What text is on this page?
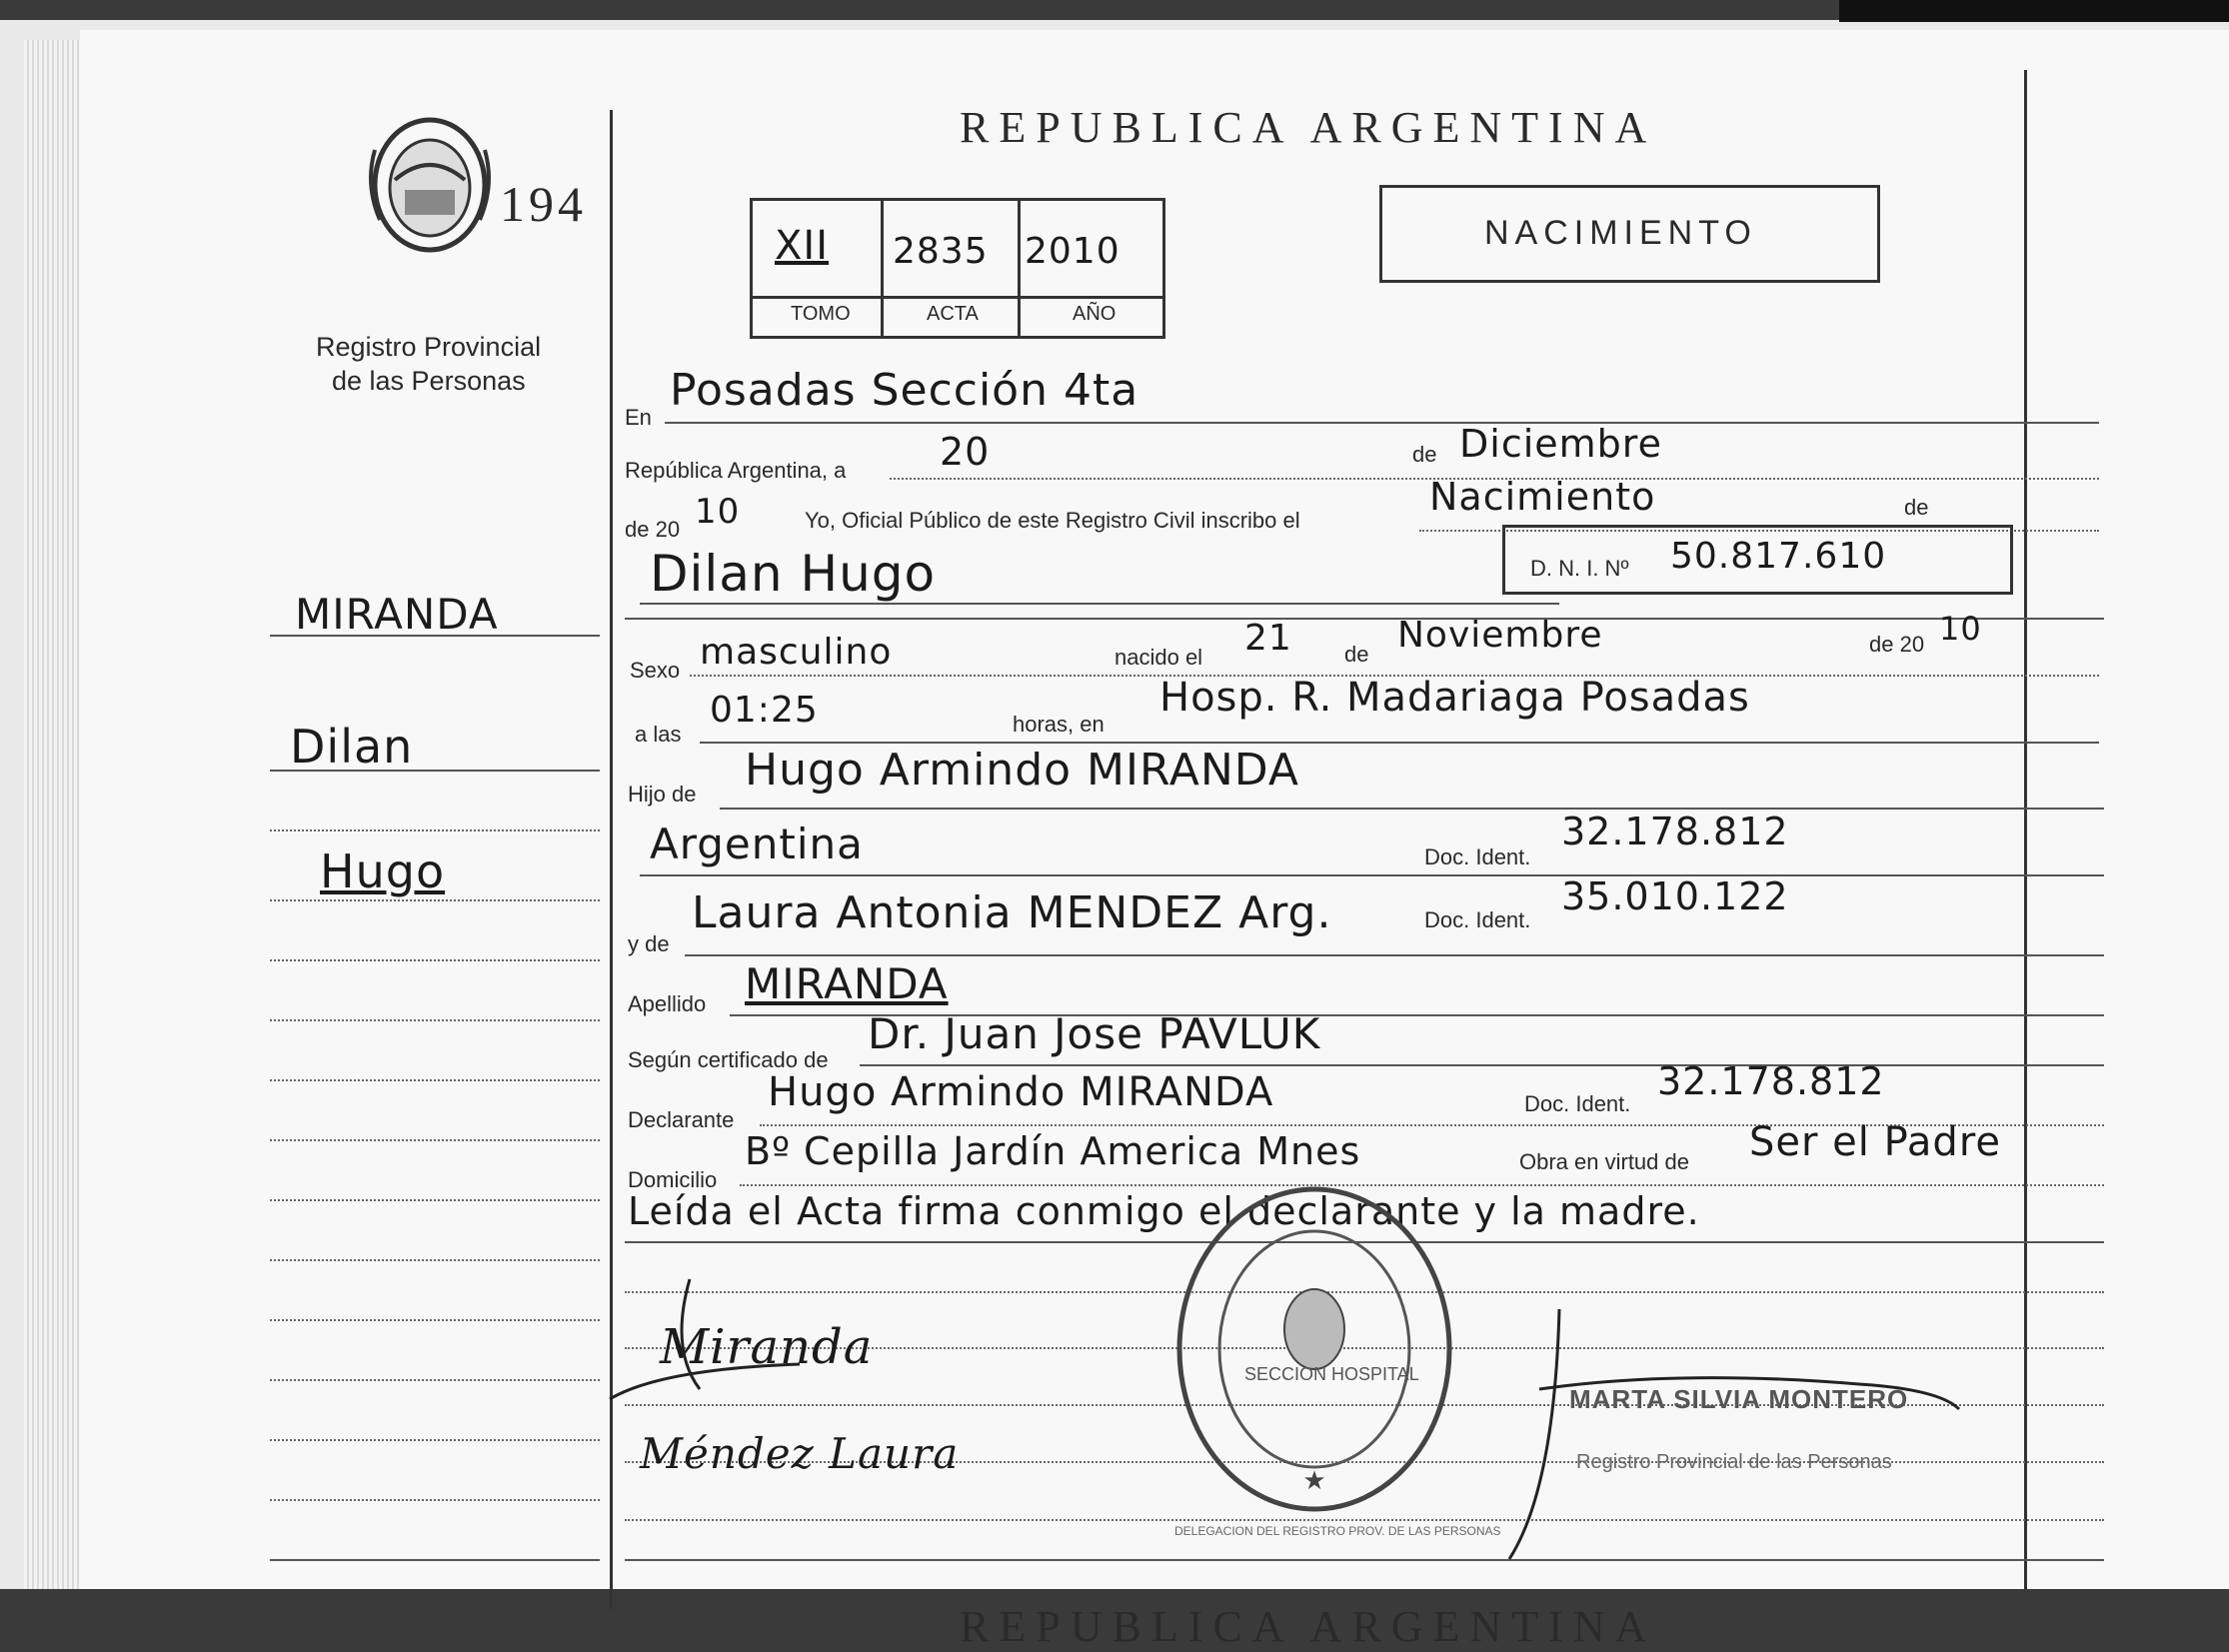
194
Registro Provincial
de las Personas
REPUBLICA ARGENTINA
XII 2835 2010
TOMO	ACTA	AÑO
NACIMIENTO
MIRANDA
Dilan
Hugo
En
Posadas Sección 4ta
República Argentina, a 20	de Diciembre
de 20 10	Yo, Oficial Público de este Registro Civil inscribo el
Nacimiento	de
Dilan Hugo	D. N. I. Nº 50.817.610
Sexo masculino	nacido el 21 de Noviembre	de 20 10
a las
01:25	horas, en
Hosp. R. Madariaga Posadas
Hijo de Hugo Armindo MIRANDA
Argentina	Doc. Ident.
32.178.812
y de
Laura Antonia MENDEZ Arg.	Doc. Ident.
35.010.122
Apellido MIRANDA
Según certificado de
Dr. Juan Jose PAVLUK
Declarante
Hugo Armindo MIRANDA	Doc. Ident.
32.178.812
Domicilio
Bº Cepilla Jardín America Mnes	Obra en virtud de Ser el Padre
Leída el Acta firma conmigo el declarante y la madre.
Miranda
Méndez Laura
★
DELEGACION DEL REGISTRO PROV. DE LAS PERSONAS
SECCION HOSPITAL
MARTA SILVIA MONTERO
Registro Provincial de las Personas
REPUBLICA ARGENTINA
